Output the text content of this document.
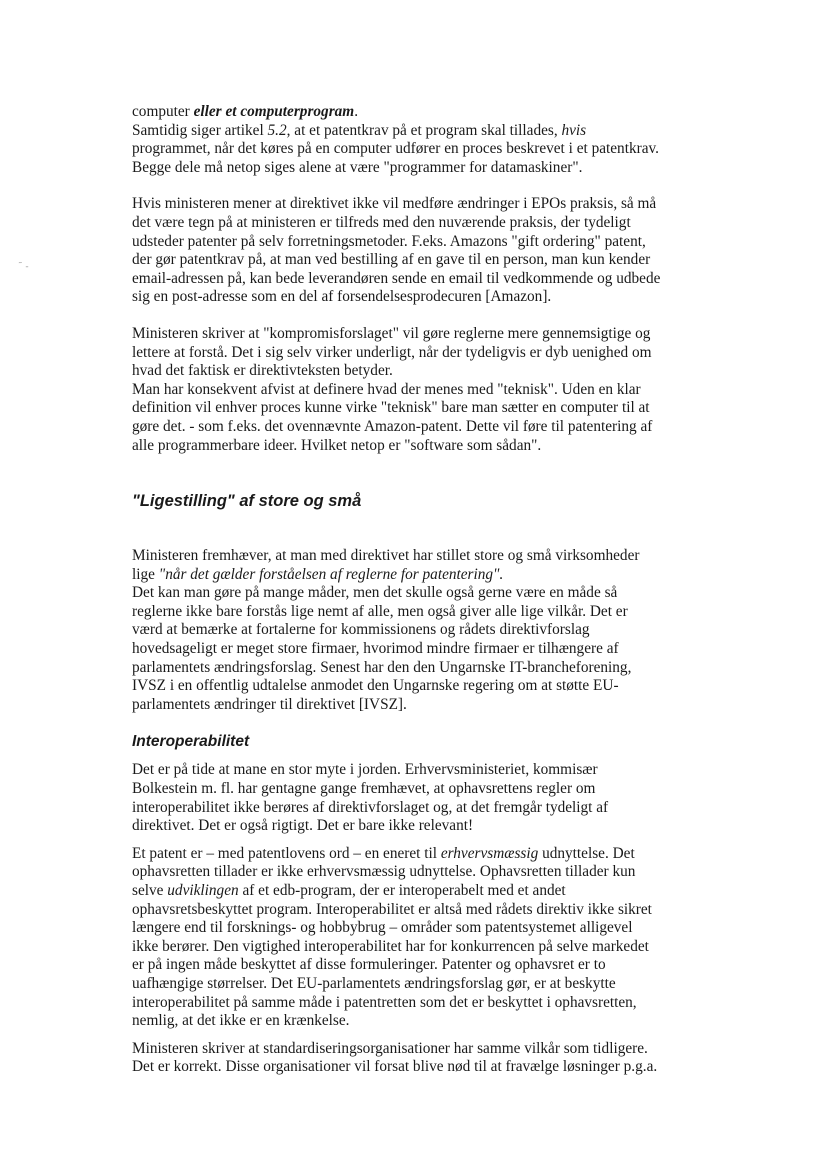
˜ ‐

computer eller et computerprogram.

Samtidig siger artikel 5.2, at et patentkrav på et program skal tillades, hvis

programmet, når det køres på en computer udfører en proces beskrevet i et patentkrav.

Begge dele må netop siges alene at være "programmer for datamaskiner".

Hvis ministeren mener at direktivet ikke vil medføre ændringer i EPOs praksis, så må

det være tegn på at ministeren er tilfreds med den nuværende praksis, der tydeligt

udsteder patenter på selv forretningsmetoder. F.eks. Amazons "gift ordering" patent,

der gør patentkrav på, at man ved bestilling af en gave til en person, man kun kender

email-adressen på, kan bede leverandøren sende en email til vedkommende og udbede

sig en post-adresse som en del af forsendelsesprodecuren [Amazon].

Ministeren skriver at "kompromisforslaget" vil gøre reglerne mere gennemsigtige og

lettere at forstå. Det i sig selv virker underligt, når der tydeligvis er dyb uenighed om

hvad det faktisk er direktivteksten betyder.

Man har konsekvent afvist at definere hvad der menes med "teknisk". Uden en klar

definition vil enhver proces kunne virke "teknisk" bare man sætter en computer til at

gøre det. - som f.eks. det ovennævnte Amazon-patent. Dette vil føre til patentering af

alle programmerbare ideer. Hvilket netop er "software som sådan".

"Ligestilling" af store og små

Ministeren fremhæver, at man med direktivet har stillet store og små virksomheder

lige "når det gælder forståelsen af reglerne for patentering".

Det kan man gøre på mange måder, men det skulle også gerne være en måde så

reglerne ikke bare forstås lige nemt af alle, men også giver alle lige vilkår. Det er

værd at bemærke at fortalerne for kommissionens og rådets direktivforslag

hovedsageligt er meget store firmaer, hvorimod mindre firmaer er tilhængere af

parlamentets ændringsforslag. Senest har den den Ungarnske IT-brancheforening,

IVSZ i en offentlig udtalelse anmodet den Ungarnske regering om at støtte EU-

parlamentets ændringer til direktivet [IVSZ].

Interoperabilitet

Det er på tide at mane en stor myte i jorden. Erhvervsministeriet, kommisær

Bolkestein m. fl. har gentagne gange fremhævet, at ophavsrettens regler om

interoperabilitet ikke berøres af direktivforslaget og, at det fremgår tydeligt af

direktivet. Det er også rigtigt. Det er bare ikke relevant!

Et patent er – med patentlovens ord – en eneret til erhvervsmæssig udnyttelse. Det

ophavsretten tillader er ikke erhvervsmæssig udnyttelse. Ophavsretten tillader kun

selve udviklingen af et edb-program, der er interoperabelt med et andet

ophavsretsbeskyttet program. Interoperabilitet er altså med rådets direktiv ikke sikret

længere end til forsknings- og hobbybrug – områder som patentsystemet alligevel

ikke berører. Den vigtighed interoperabilitet har for konkurrencen på selve markedet

er på ingen måde beskyttet af disse formuleringer. Patenter og ophavsret er to

uafhængige størrelser. Det EU-parlamentets ændringsforslag gør, er at beskytte

interoperabilitet på samme måde i patentretten som det er beskyttet i ophavsretten,

nemlig, at det ikke er en krænkelse.

Ministeren skriver at standardiseringsorganisationer har samme vilkår som tidligere.

Det er korrekt. Disse organisationer vil forsat blive nød til at fravælge løsninger p.g.a.
